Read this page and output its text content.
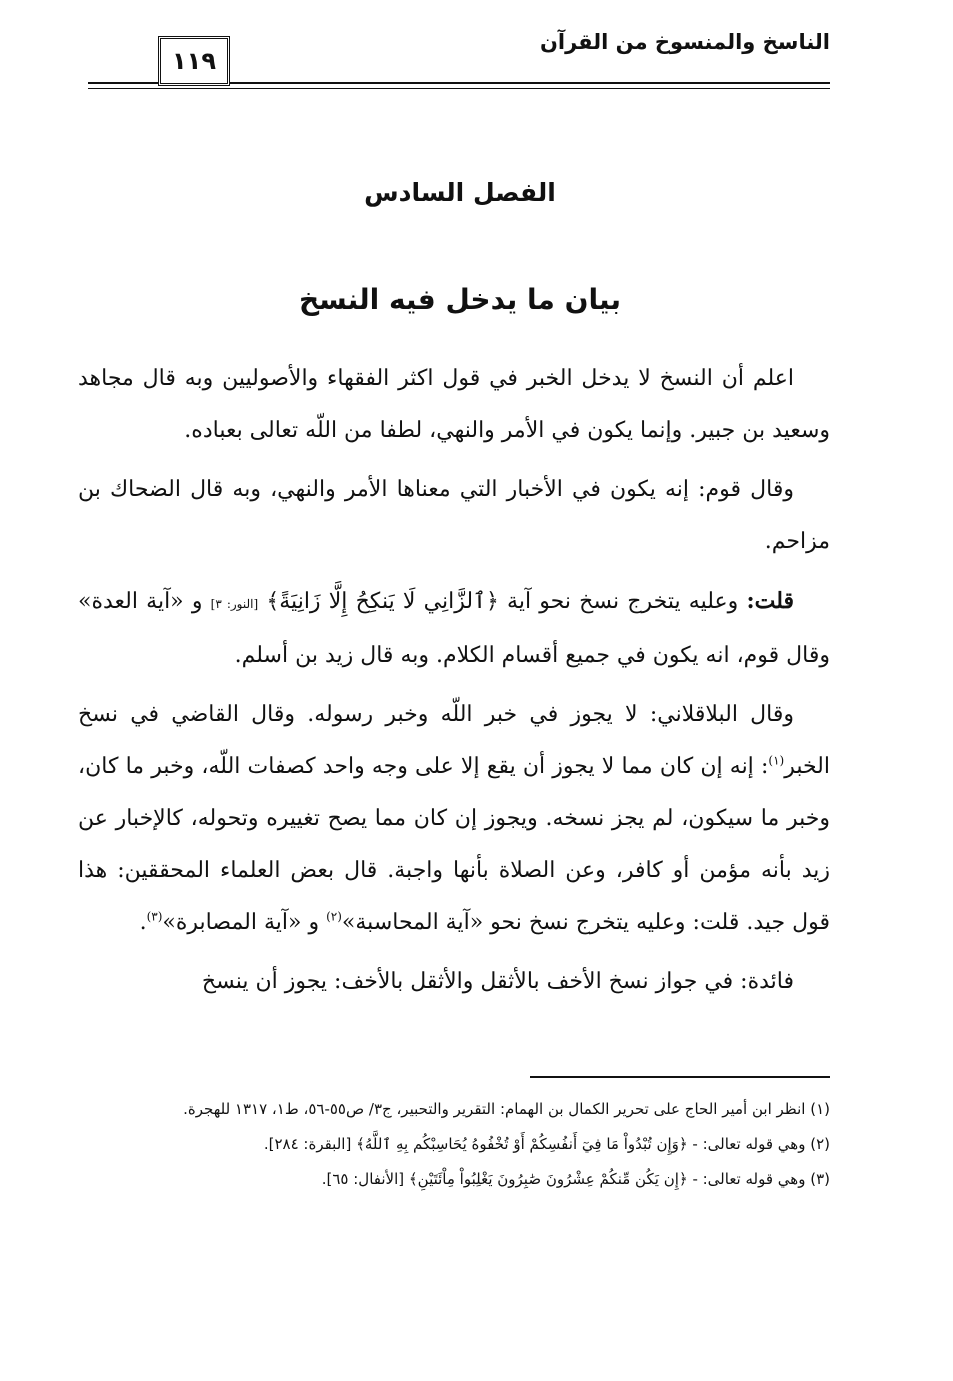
الناسخ والمنسوخ من القرآن
١١٩
الفصل السادس
بيان ما يدخل فيه النسخ

اعلم أن النسخ لا يدخل الخبر في قول اكثر الفقهاء والأصوليين وبه قال مجاهد وسعيد بن جبير. وإنما يكون في الأمر والنهي، لطفا من اللّه تعالى بعباده.

وقال قوم: إنه يكون في الأخبار التي معناها الأمر والنهي، وبه قال الضحاك بن مزاحم.

قلت: وعليه يتخرج نسخ نحو آية ﴿ٱلزَّانِي لَا يَنكِحُ إِلَّا زَانِيَةً﴾ [النور: ٣] و «آية العدة» وقال قوم، انه يكون في جميع أقسام الكلام. وبه قال زيد بن أسلم.

وقال البلاقلاني: لا يجوز في خبر اللّه وخبر رسوله. وقال القاضي في نسخ الخبر$^{(١)}$: إنه إن كان مما لا يجوز أن يقع إلا على وجه واحد كصفات اللّه، وخبر ما كان، وخبر ما سيكون، لم يجز نسخه. ويجوز إن كان مما يصح تغييره وتحوله، كالإخبار عن زيد بأنه مؤمن أو كافر، وعن الصلاة بأنها واجبة. قال بعض العلماء المحققين: هذا قول جيد. قلت: وعليه يتخرج نسخ نحو «آية المحاسبة»$^{(٢)}$ و «آية المصابرة»$^{(٣)}$.

فائدة: في جواز نسخ الأخف بالأثقل والأثقل بالأخف: يجوز أن ينسخ

(١) انظر ابن أمير الحاج على تحرير الكمال بن الهمام: التقرير والتحبير، ج٣/ ص٥٥-٥٦، ط١، ١٣١٧ للهجرة.

(٢) وهي قوله تعالى: - ﴿وَإِن تُبْدُواْ مَا فِيٓ أَنفُسِكُمْ أَوْ تُخْفُوهُ يُحَاسِبْكُم بِهِ ٱللَّهُ﴾ [البقرة: ٢٨٤].

(٣) وهي قوله تعالى: - ﴿إِن يَكُن مِّنكُمْ عِشْرُونَ صَٰبِرُونَ يَغْلِبُواْ مِاْئَتَيْنِ﴾ [الأنفال: ٦٥].
